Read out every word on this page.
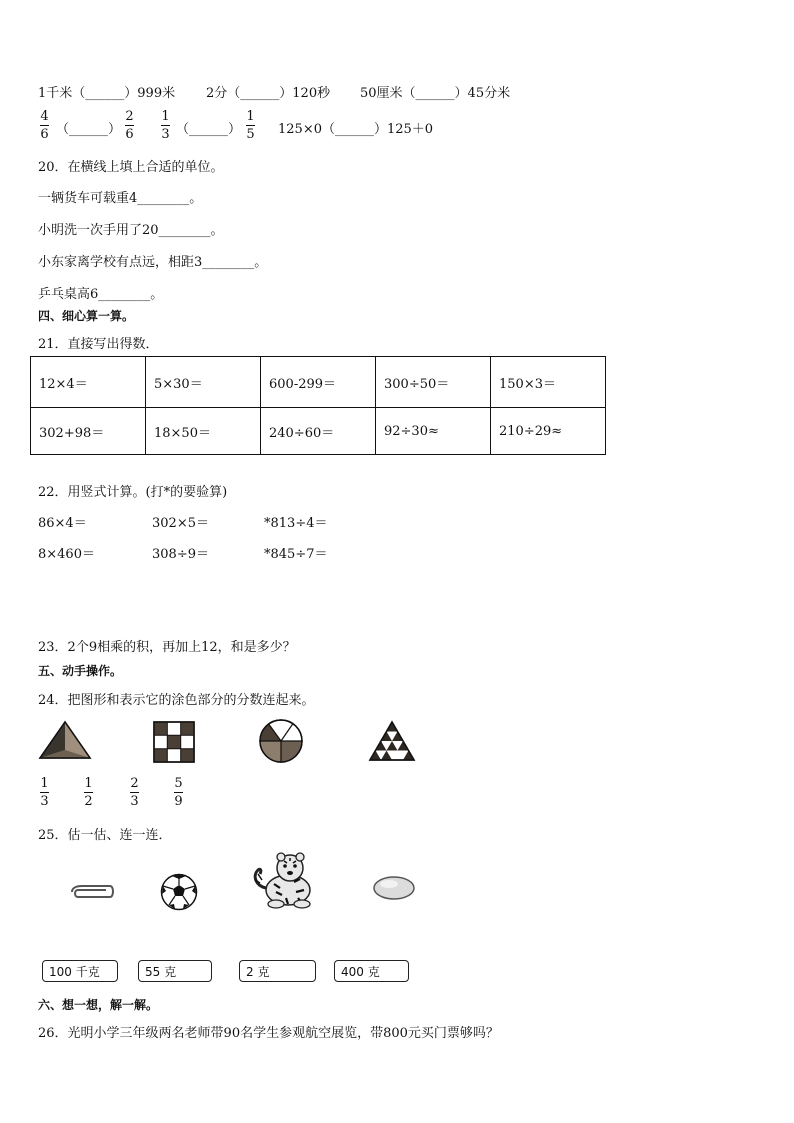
1千米（______）999米 2分（______）120秒 50厘米（______）45分米
4
6 （______）
2
6
1
3 （______）
1
5 125×0（______）125＋0
20．在横线上填上合适的单位。
一辆货车可载重4________。
小明洗一次手用了20________。
小东家离学校有点远，相距3________。
乒乓桌高6________。
四、细心算一算。
21．直接写出得数．
12×4＝	5×30＝	600-299＝	300÷50＝	150×3＝
302+98＝	18×50＝	240÷60＝	92÷30≈	210÷29≈
22．用竖式计算。(打*的要验算)
86×4＝	302×5＝	*813÷4＝
8×460＝	308÷9＝	*845÷7＝
23．2个9相乘的积，再加上12，和是多少？
五、动手操作。
24．把图形和表示它的涂色部分的分数连起来。
1
3
1
2
2
3
5
9
25．估一估、连一连．
100 千克	55 克	2 克	400 克
六、想一想，解一解。
26．光明小学三年级两名老师带90名学生参观航空展览，带800元买门票够吗？
